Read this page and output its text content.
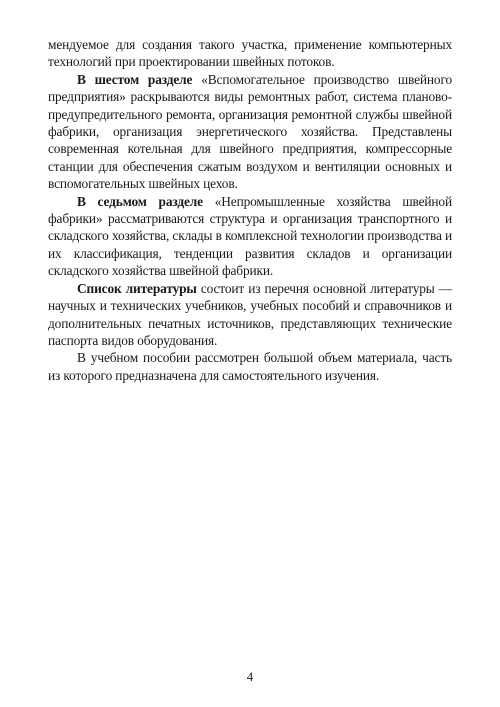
мендуемое для создания такого участка, применение компьютерных технологий при проектировании швейных потоков.

В шестом разделе «Вспомогательное производство швейного предприятия» раскрываются виды ремонтных работ, система планово-предупредительного ремонта, организация ремонтной службы швейной фабрики, организация энергетического хозяйства. Представлены современная котельная для швейного предприятия, компрессорные станции для обеспечения сжатым воздухом и вентиляции основных и вспомогательных швейных цехов.

В седьмом разделе «Непромышленные хозяйства швейной фабрики» рассматриваются структура и организация транспортного и складского хозяйства, склады в комплексной технологии производства и их классификация, тенденции развития складов и организации складского хозяйства швейной фабрики.

Список литературы состоит из перечня основной литературы — научных и технических учебников, учебных пособий и справочников и дополнительных печатных источников, представляющих технические паспорта видов оборудования.

В учебном пособии рассмотрен большой объем материала, часть из которого предназначена для самостоятельного изучения.

4
